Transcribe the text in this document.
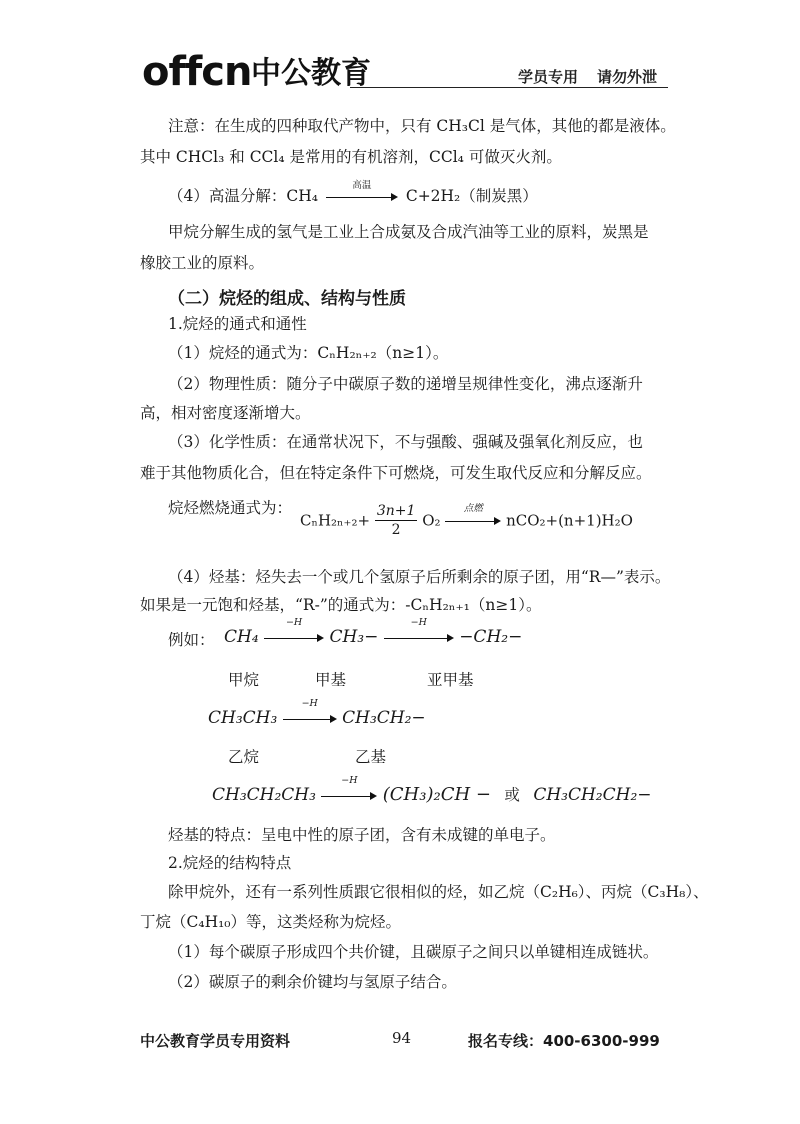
offcn 中公教育	学员专用 请勿外泄
注意：在生成的四种取代产物中，只有 CH₃Cl 是气体，其他的都是液体。
其中 CHCl₃ 和 CCl₄ 是常用的有机溶剂，CCl₄ 可做灭火剂。
（4）高温分解：CH₄
高温
C+2H₂（制炭黑）
甲烷分解生成的氢气是工业上合成氨及合成汽油等工业的原料，炭黑是
橡胶工业的原料。
（二）烷烃的组成、结构与性质
1.烷烃的通式和通性
（1）烷烃的通式为：CₙH₂ₙ₊₂（n≥1）。
（2）物理性质：随分子中碳原子数的递增呈规律性变化，沸点逐渐升
高，相对密度逐渐增大。
（3）化学性质：在通常状况下，不与强酸、强碱及强氧化剂反应，也
难于其他物质化合，但在特定条件下可燃烧，可发生取代反应和分解反应。
烷烃燃烧通式为：
$C_nH_{2n+2}+ \frac{3n+1}{2} O_2$
点燃
nCO₂+(n+1)H₂O
（4）烃基：烃失去一个或几个氢原子后所剩余的原子团，用“R—”表示。
如果是一元饱和烃基，“R-”的通式为：-CₙH₂ₙ₊₁（n≥1）。
例如： CH₄
−H
CH₃−
−H
−CH₂−
甲烷	甲基	亚甲基
CH₃CH₃
−H
CH₃CH₂−
乙烷	乙基
CH₃CH₂CH₃
−H
(CH₃)₂CH − 或 CH₃CH₂CH₂−
烃基的特点：呈电中性的原子团，含有未成键的单电子。
2.烷烃的结构特点
除甲烷外，还有一系列性质跟它很相似的烃，如乙烷（C₂H₆）、丙烷（C₃H₈）、
丁烷（C₄H₁₀）等，这类烃称为烷烃。
（1）每个碳原子形成四个共价键，且碳原子之间只以单键相连成链状。
（2）碳原子的剩余价键均与氢原子结合。
中公教育学员专用资料	94	报名专线：400-6300-999
